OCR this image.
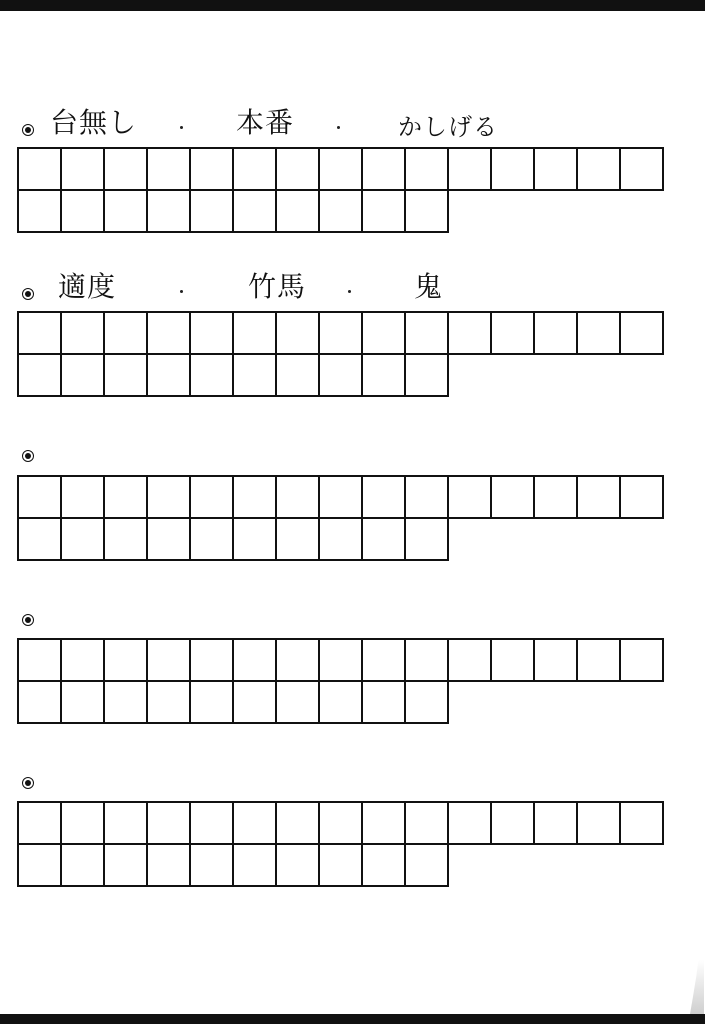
台無し	本番	かしげる
適度	竹馬	鬼
